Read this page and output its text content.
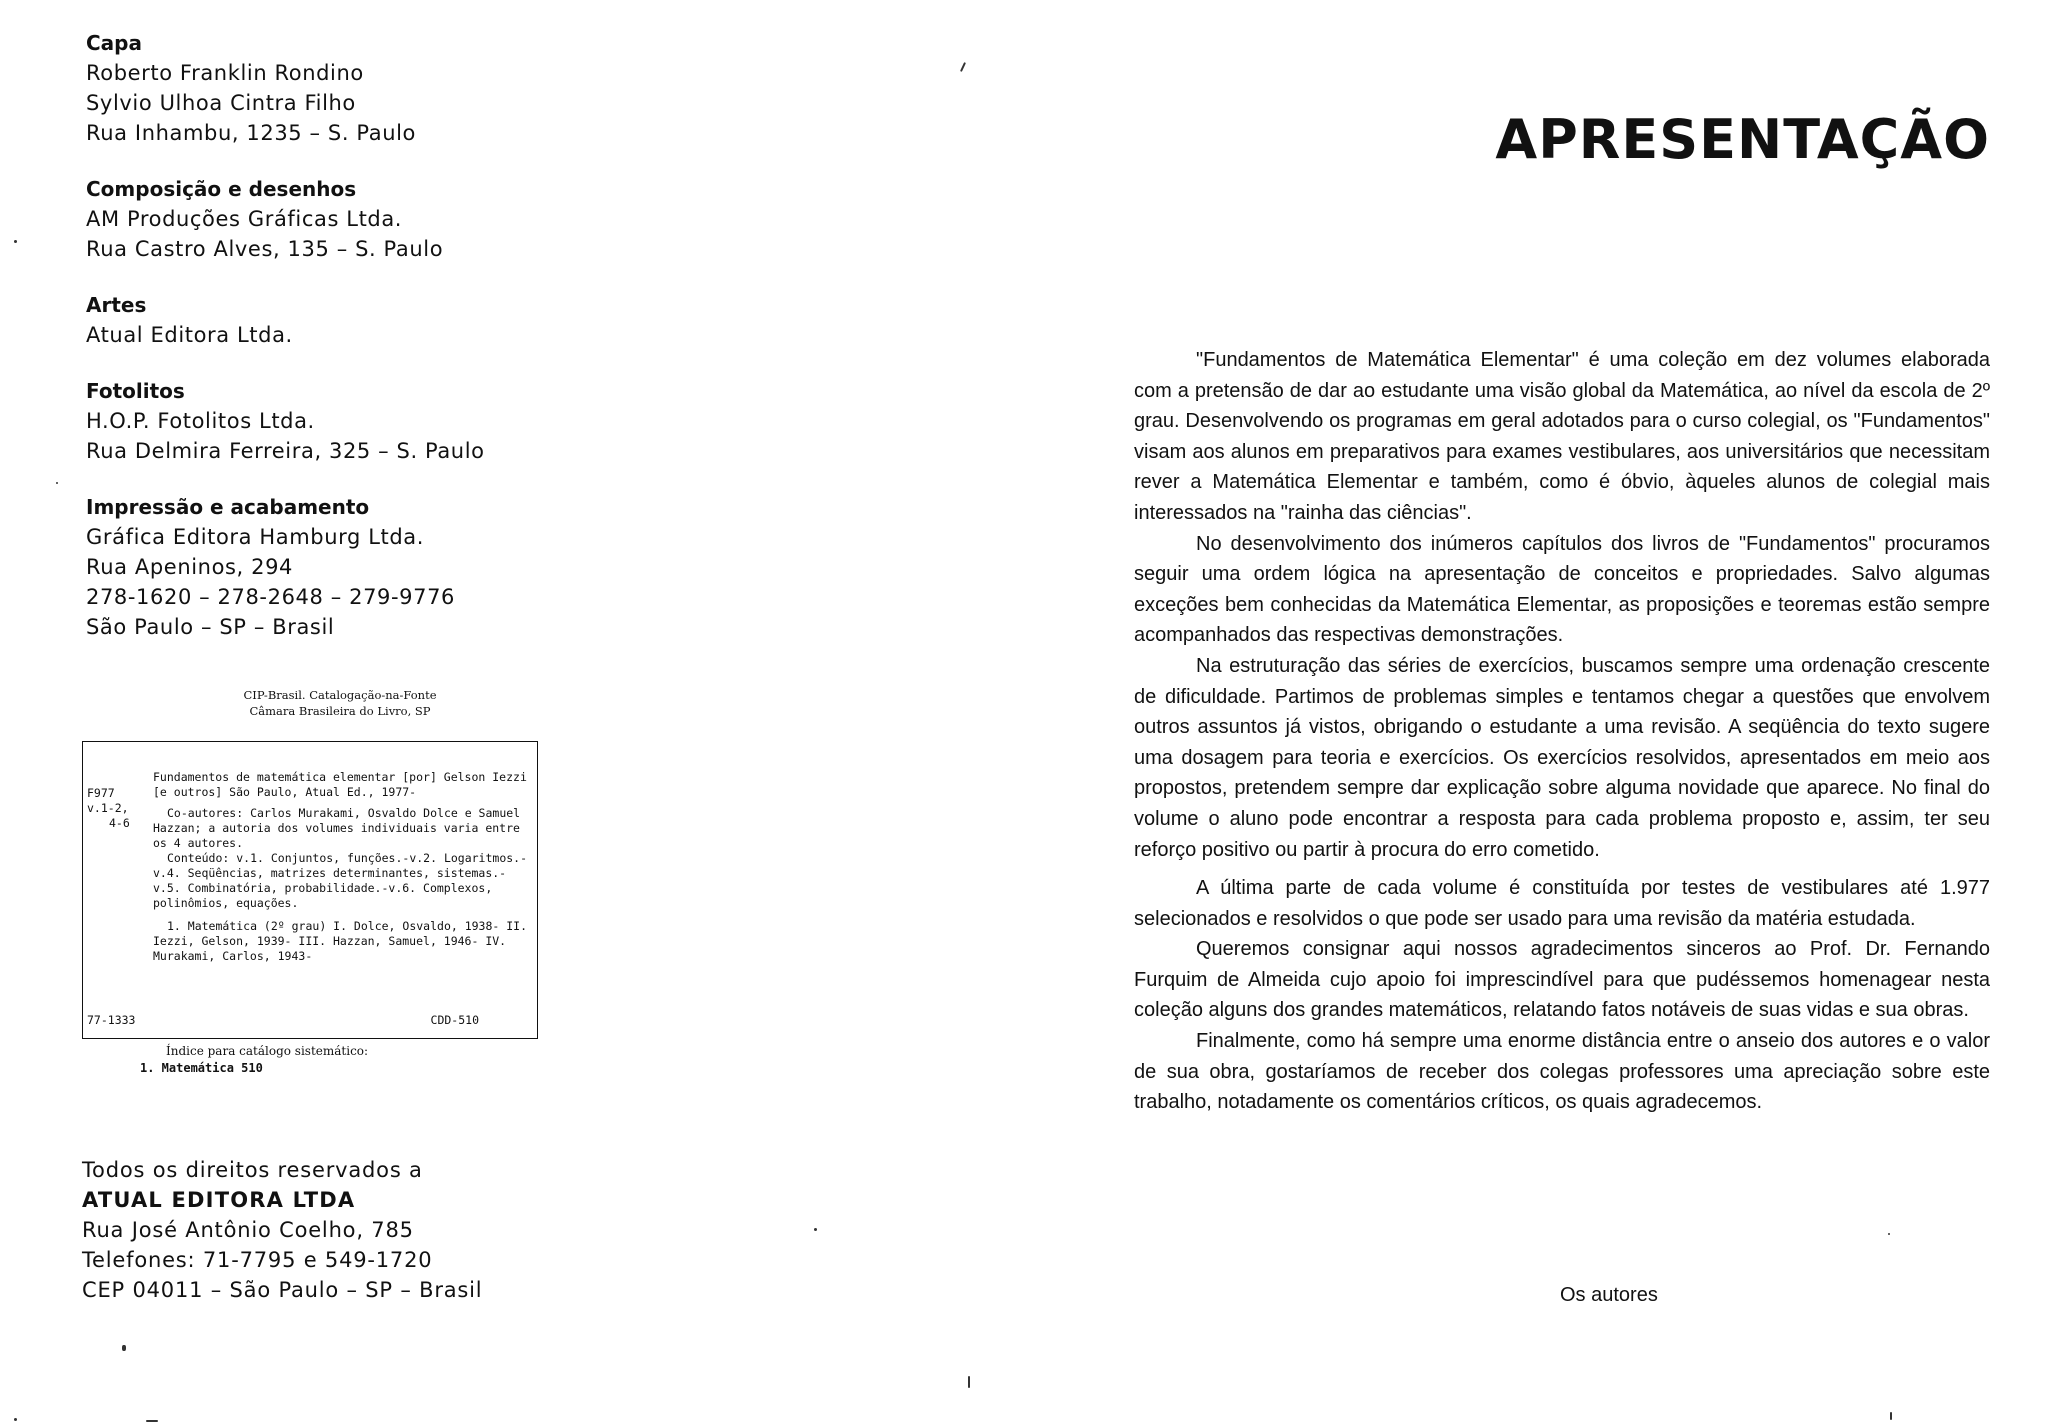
Capa
Roberto Franklin Rondino
Sylvio Ulhoa Cintra Filho
Rua Inhambu, 1235 – S. Paulo
Composição e desenhos
AM Produções Gráficas Ltda.
Rua Castro Alves, 135 – S. Paulo
Artes
Atual Editora Ltda.
Fotolitos
H.O.P. Fotolitos Ltda.
Rua Delmira Ferreira, 325 – S. Paulo
Impressão e acabamento
Gráfica Editora Hamburg Ltda.
Rua Apeninos, 294
278-1620 – 278-2648 – 279-9776
São Paulo – SP – Brasil
CIP-Brasil. Catalogação-na-Fonte
Câmara Brasileira do Livro, SP
F977
v.1-2,
4-6

Fundamentos de matemática elementar [por] Gelson Iezzi [e outros] São Paulo, Atual Ed., 1977-

Co-autores: Carlos Murakami, Osvaldo Dolce e Samuel Hazzan; a autoria dos volumes individuais varia entre os 4 autores.

Conteúdo: v.1. Conjuntos, funções.-v.2. Logaritmos.-v.4. Seqüências, matrizes determinantes, sistemas.-v.5. Combinatória, probabilidade.-v.6. Complexos, polinômios, equações.

1. Matemática (2º grau) I. Dolce, Osvaldo, 1938- II. Iezzi, Gelson, 1939- III. Hazzan, Samuel, 1946- IV. Murakami, Carlos, 1943-

77-1333	CDD-510
Índice para catálogo sistemático:
1. Matemática 510
Todos os direitos reservados a
ATUAL EDITORA LTDA
Rua José Antônio Coelho, 785
Telefones: 71-7795 e 549-1720
CEP 04011 – São Paulo – SP – Brasil
APRESENTAÇÃO

"Fundamentos de Matemática Elementar" é uma coleção em dez volumes elaborada com a pretensão de dar ao estudante uma visão global da Matemática, ao nível da escola de 2º grau. Desenvolvendo os programas em geral adotados para o curso colegial, os "Fundamentos" visam aos alunos em preparativos para exames vestibulares, aos universitários que necessitam rever a Matemática Elementar e também, como é óbvio, àqueles alunos de colegial mais interessados na "rainha das ciências".

No desenvolvimento dos inúmeros capítulos dos livros de "Fundamentos" procuramos seguir uma ordem lógica na apresentação de conceitos e propriedades. Salvo algumas exceções bem conhecidas da Matemática Elementar, as proposições e teoremas estão sempre acompanhados das respectivas demonstrações.

Na estruturação das séries de exercícios, buscamos sempre uma ordenação crescente de dificuldade. Partimos de problemas simples e tentamos chegar a questões que envolvem outros assuntos já vistos, obrigando o estudante a uma revisão. A seqüência do texto sugere uma dosagem para teoria e exercícios. Os exercícios resolvidos, apresentados em meio aos propostos, pretendem sempre dar explicação sobre alguma novidade que aparece. No final do volume o aluno pode encontrar a resposta para cada problema proposto e, assim, ter seu reforço positivo ou partir à procura do erro cometido.

A última parte de cada volume é constituída por testes de vestibulares até 1.977 selecionados e resolvidos o que pode ser usado para uma revisão da matéria estudada.

Queremos consignar aqui nossos agradecimentos sinceros ao Prof. Dr. Fernando Furquim de Almeida cujo apoio foi imprescindível para que pudéssemos homenagear nesta coleção alguns dos grandes matemáticos, relatando fatos notáveis de suas vidas e sua obras.

Finalmente, como há sempre uma enorme distância entre o anseio dos autores e o valor de sua obra, gostaríamos de receber dos colegas professores uma apreciação sobre este trabalho, notadamente os comentários críticos, os quais agradecemos.

Os autores
